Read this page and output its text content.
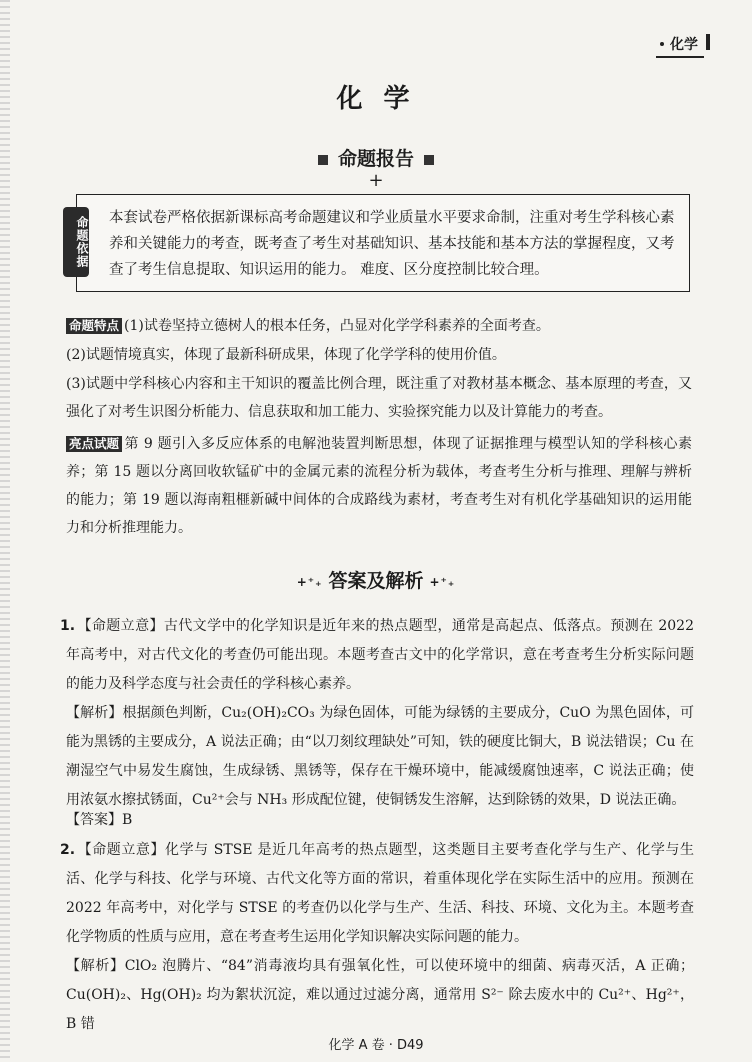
化学
化 学
命题报告
+
命题依据 本套试卷严格依据新课标高考命题建议和学业质量水平要求命制，注重对考生学科核心素养和关键能力的考查，既考查了考生对基础知识、基本技能和基本方法的掌握程度，又考查了考生信息提取、知识运用的能力。 难度、区分度控制比较合理。
命题特点 (1)试卷坚持立德树人的根本任务，凸显对化学学科素养的全面考查。
(2)试题情境真实，体现了最新科研成果，体现了化学学科的使用价值。
(3)试题中学科核心内容和主干知识的覆盖比例合理，既注重了对教材基本概念、基本原理的考查，又强化了对考生识图分析能力、信息获取和加工能力、实验探究能力以及计算能力的考查。
亮点试题 第 9 题引入多反应体系的电解池装置判断思想，体现了证据推理与模型认知的学科核心素养；第 15 题以分离回收软锰矿中的金属元素的流程分析为载体，考查考生分析与推理、理解与辨析的能力；第 19 题以海南粗榧新碱中间体的合成路线为素材，考查考生对有机化学基础知识的运用能力和分析推理能力。
+⁺₊ 答案及解析 +⁺₊
1. 【命题立意】古代文学中的化学知识是近年来的热点题型，通常是高起点、低落点。预测在 2022 年高考中，对古代文化的考查仍可能出现。本题考查古文中的化学常识，意在考查考生分析实际问题的能力及科学态度与社会责任的学科核心素养。
【解析】根据颜色判断，Cu₂(OH)₂CO₃ 为绿色固体，可能为绿锈的主要成分，CuO 为黑色固体，可能为黑锈的主要成分，A 说法正确；由“以刀刻纹理缺处”可知，铁的硬度比铜大，B 说法错误；Cu 在潮湿空气中易发生腐蚀，生成绿锈、黑锈等，保存在干燥环境中，能减缓腐蚀速率，C 说法正确；使用浓氨水擦拭锈面，Cu²⁺会与 NH₃ 形成配位键，使铜锈发生溶解，达到除锈的效果，D 说法正确。
【答案】B
2. 【命题立意】化学与 STSE 是近几年高考的热点题型，这类题目主要考查化学与生产、化学与生活、化学与科技、化学与环境、古代文化等方面的常识，着重体现化学在实际生活中的应用。预测在 2022 年高考中，对化学与 STSE 的考查仍以化学与生产、生活、科技、环境、文化为主。本题考查化学物质的性质与应用，意在考查考生运用化学知识解决实际问题的能力。
【解析】ClO₂ 泡腾片、“84”消毒液均具有强氧化性，可以使环境中的细菌、病毒灭活，A 正确；Cu(OH)₂、Hg(OH)₂ 均为絮状沉淀，难以通过过滤分离，通常用 S²⁻ 除去废水中的 Cu²⁺、Hg²⁺，B 错
化学 A 卷 · D49
